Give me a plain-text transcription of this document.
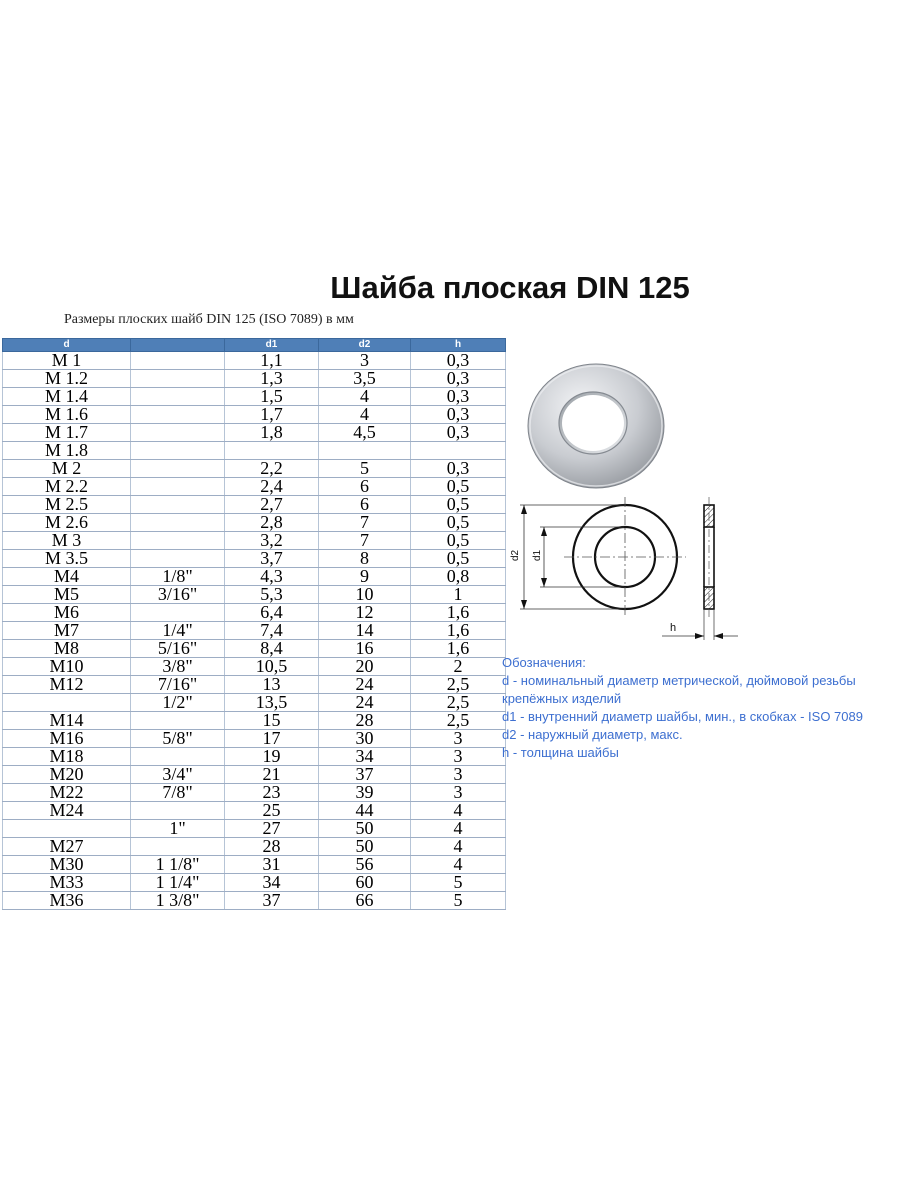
Шайба плоская DIN 125
Размеры плоских шайб DIN 125 (ISO 7089) в мм
d		d1	d2	h
M 1		1,1	3	0,3
M 1.2		1,3	3,5	0,3
M 1.4		1,5	4	0,3
M 1.6		1,7	4	0,3
M 1.7		1,8	4,5	0,3
M 1.8				
M 2		2,2	5	0,3
M 2.2		2,4	6	0,5
M 2.5		2,7	6	0,5
M 2.6		2,8	7	0,5
M 3		3,2	7	0,5
M 3.5		3,7	8	0,5
M4	1/8"	4,3	9	0,8
M5	3/16"	5,3	10	1
M6		6,4	12	1,6
M7	1/4"	7,4	14	1,6
M8	5/16"	8,4	16	1,6
M10	3/8"	10,5	20	2
M12	7/16"	13	24	2,5
	1/2"	13,5	24	2,5
M14		15	28	2,5
M16	5/8"	17	30	3
M18		19	34	3
M20	3/4"	21	37	3
M22	7/8"	23	39	3
M24		25	44	4
	1"	27	50	4
M27		28	50	4
M30	1 1/8"	31	56	4
M33	1 1/4"	34	60	5
M36	1 3/8"	37	66	5
d2 d1
h
Обозначения:
d - номинальный диаметр метрической, дюймовой резьбы
крепёжных изделий
d1 - внутренний диаметр шайбы, мин., в скобках - ISO 7089
d2 - наружный диаметр, макс.
h - толщина шайбы
